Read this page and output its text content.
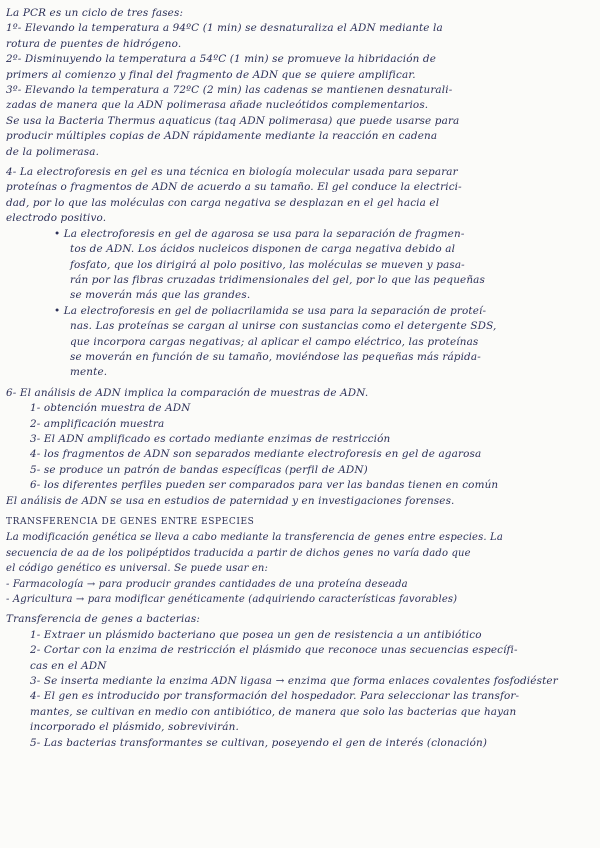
La PCR es un ciclo de tres fases:
1º- Elevando la temperatura a 94ºC (1 min) se desnaturaliza el ADN mediante la
rotura de puentes de hidrógeno.
2º- Disminuyendo la temperatura a 54ºC (1 min) se promueve la hibridación de
primers al comienzo y final del fragmento de ADN que se quiere amplificar.
3º- Elevando la temperatura a 72ºC (2 min) las cadenas se mantienen desnaturali-
zadas de manera que la ADN polimerasa añade nucleótidos complementarios.
Se usa la Bacteria Thermus aquaticus (taq ADN polimerasa) que puede usarse para
producir múltiples copias de ADN rápidamente mediante la reacción en cadena
de la polimerasa.
4- La electroforesis en gel es una técnica en biología molecular usada para separar
proteínas o fragmentos de ADN de acuerdo a su tamaño. El gel conduce la electrici-
dad, por lo que las moléculas con carga negativa se desplazan en el gel hacia el
electrodo positivo.
• La electroforesis en gel de agarosa se usa para la separación de fragmen-
tos de ADN. Los ácidos nucleicos disponen de carga negativa debido al
fosfato, que los dirigirá al polo positivo, las moléculas se mueven y pasa-
rán por las fibras cruzadas tridimensionales del gel, por lo que las pequeñas
se moverán más que las grandes.
• La electroforesis en gel de poliacrilamida se usa para la separación de proteí-
nas. Las proteínas se cargan al unirse con sustancias como el detergente SDS,
que incorpora cargas negativas; al aplicar el campo eléctrico, las proteínas
se moverán en función de su tamaño, moviéndose las pequeñas más rápida-
mente.
6- El análisis de ADN implica la comparación de muestras de ADN.
1- obtención muestra de ADN
2- amplificación muestra
3- El ADN amplificado es cortado mediante enzimas de restricción
4- los fragmentos de ADN son separados mediante electroforesis en gel de agarosa
5- se produce un patrón de bandas específicas (perfil de ADN)
6- los diferentes perfiles pueden ser comparados para ver las bandas tienen en común
El análisis de ADN se usa en estudios de paternidad y en investigaciones forenses.
TRANSFERENCIA DE GENES ENTRE ESPECIES
La modificación genética se lleva a cabo mediante la transferencia de genes entre especies. La
secuencia de aa de los polipéptidos traducida a partir de dichos genes no varía dado que
el código genético es universal. Se puede usar en:
- Farmacología → para producir grandes cantidades de una proteína deseada
- Agricultura → para modificar genéticamente (adquiriendo características favorables)
Transferencia de genes a bacterias:
1- Extraer un plásmido bacteriano que posea un gen de resistencia a un antibiótico
2- Cortar con la enzima de restricción el plásmido que reconoce unas secuencias específi-
cas en el ADN
3- Se inserta mediante la enzima ADN ligasa → enzima que forma enlaces covalentes fosfodiéster
4- El gen es introducido por transformación del hospedador. Para seleccionar las transfor-
mantes, se cultivan en medio con antibiótico, de manera que solo las bacterias que hayan
incorporado el plásmido, sobrevivirán.
5- Las bacterias transformantes se cultivan, poseyendo el gen de interés (clonación)
